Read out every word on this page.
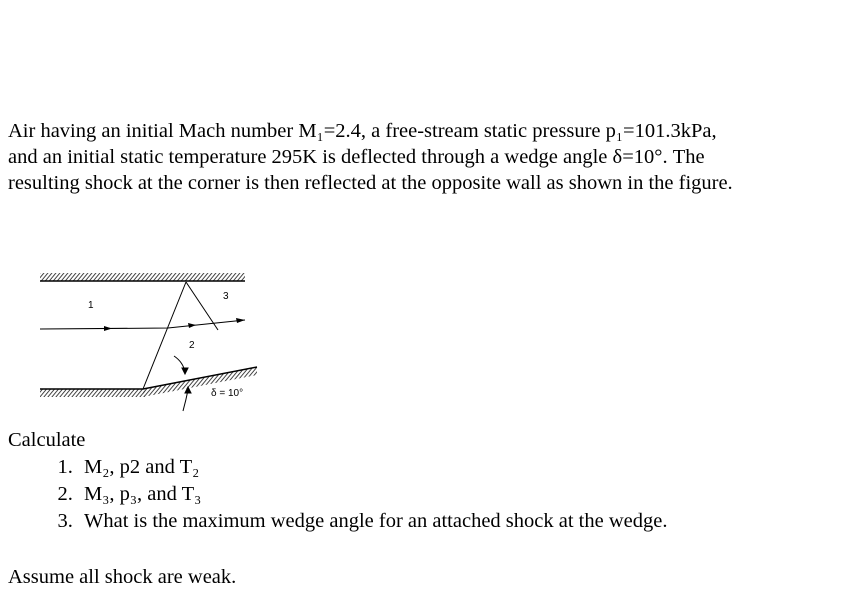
Air having an initial Mach number M₁=2.4, a free-stream static pressure p₁=101.3kPa,
and an initial static temperature 295K is deflected through a wedge angle δ=10°. The
resulting shock at the corner is then reflected at the opposite wall as shown in the figure.
1
3
2
δ = 10°
Calculate
1. M₂, p2 and T₂
2. M₃, p₃, and T₃
3. What is the maximum wedge angle for an attached shock at the wedge.
Assume all shock are weak.
